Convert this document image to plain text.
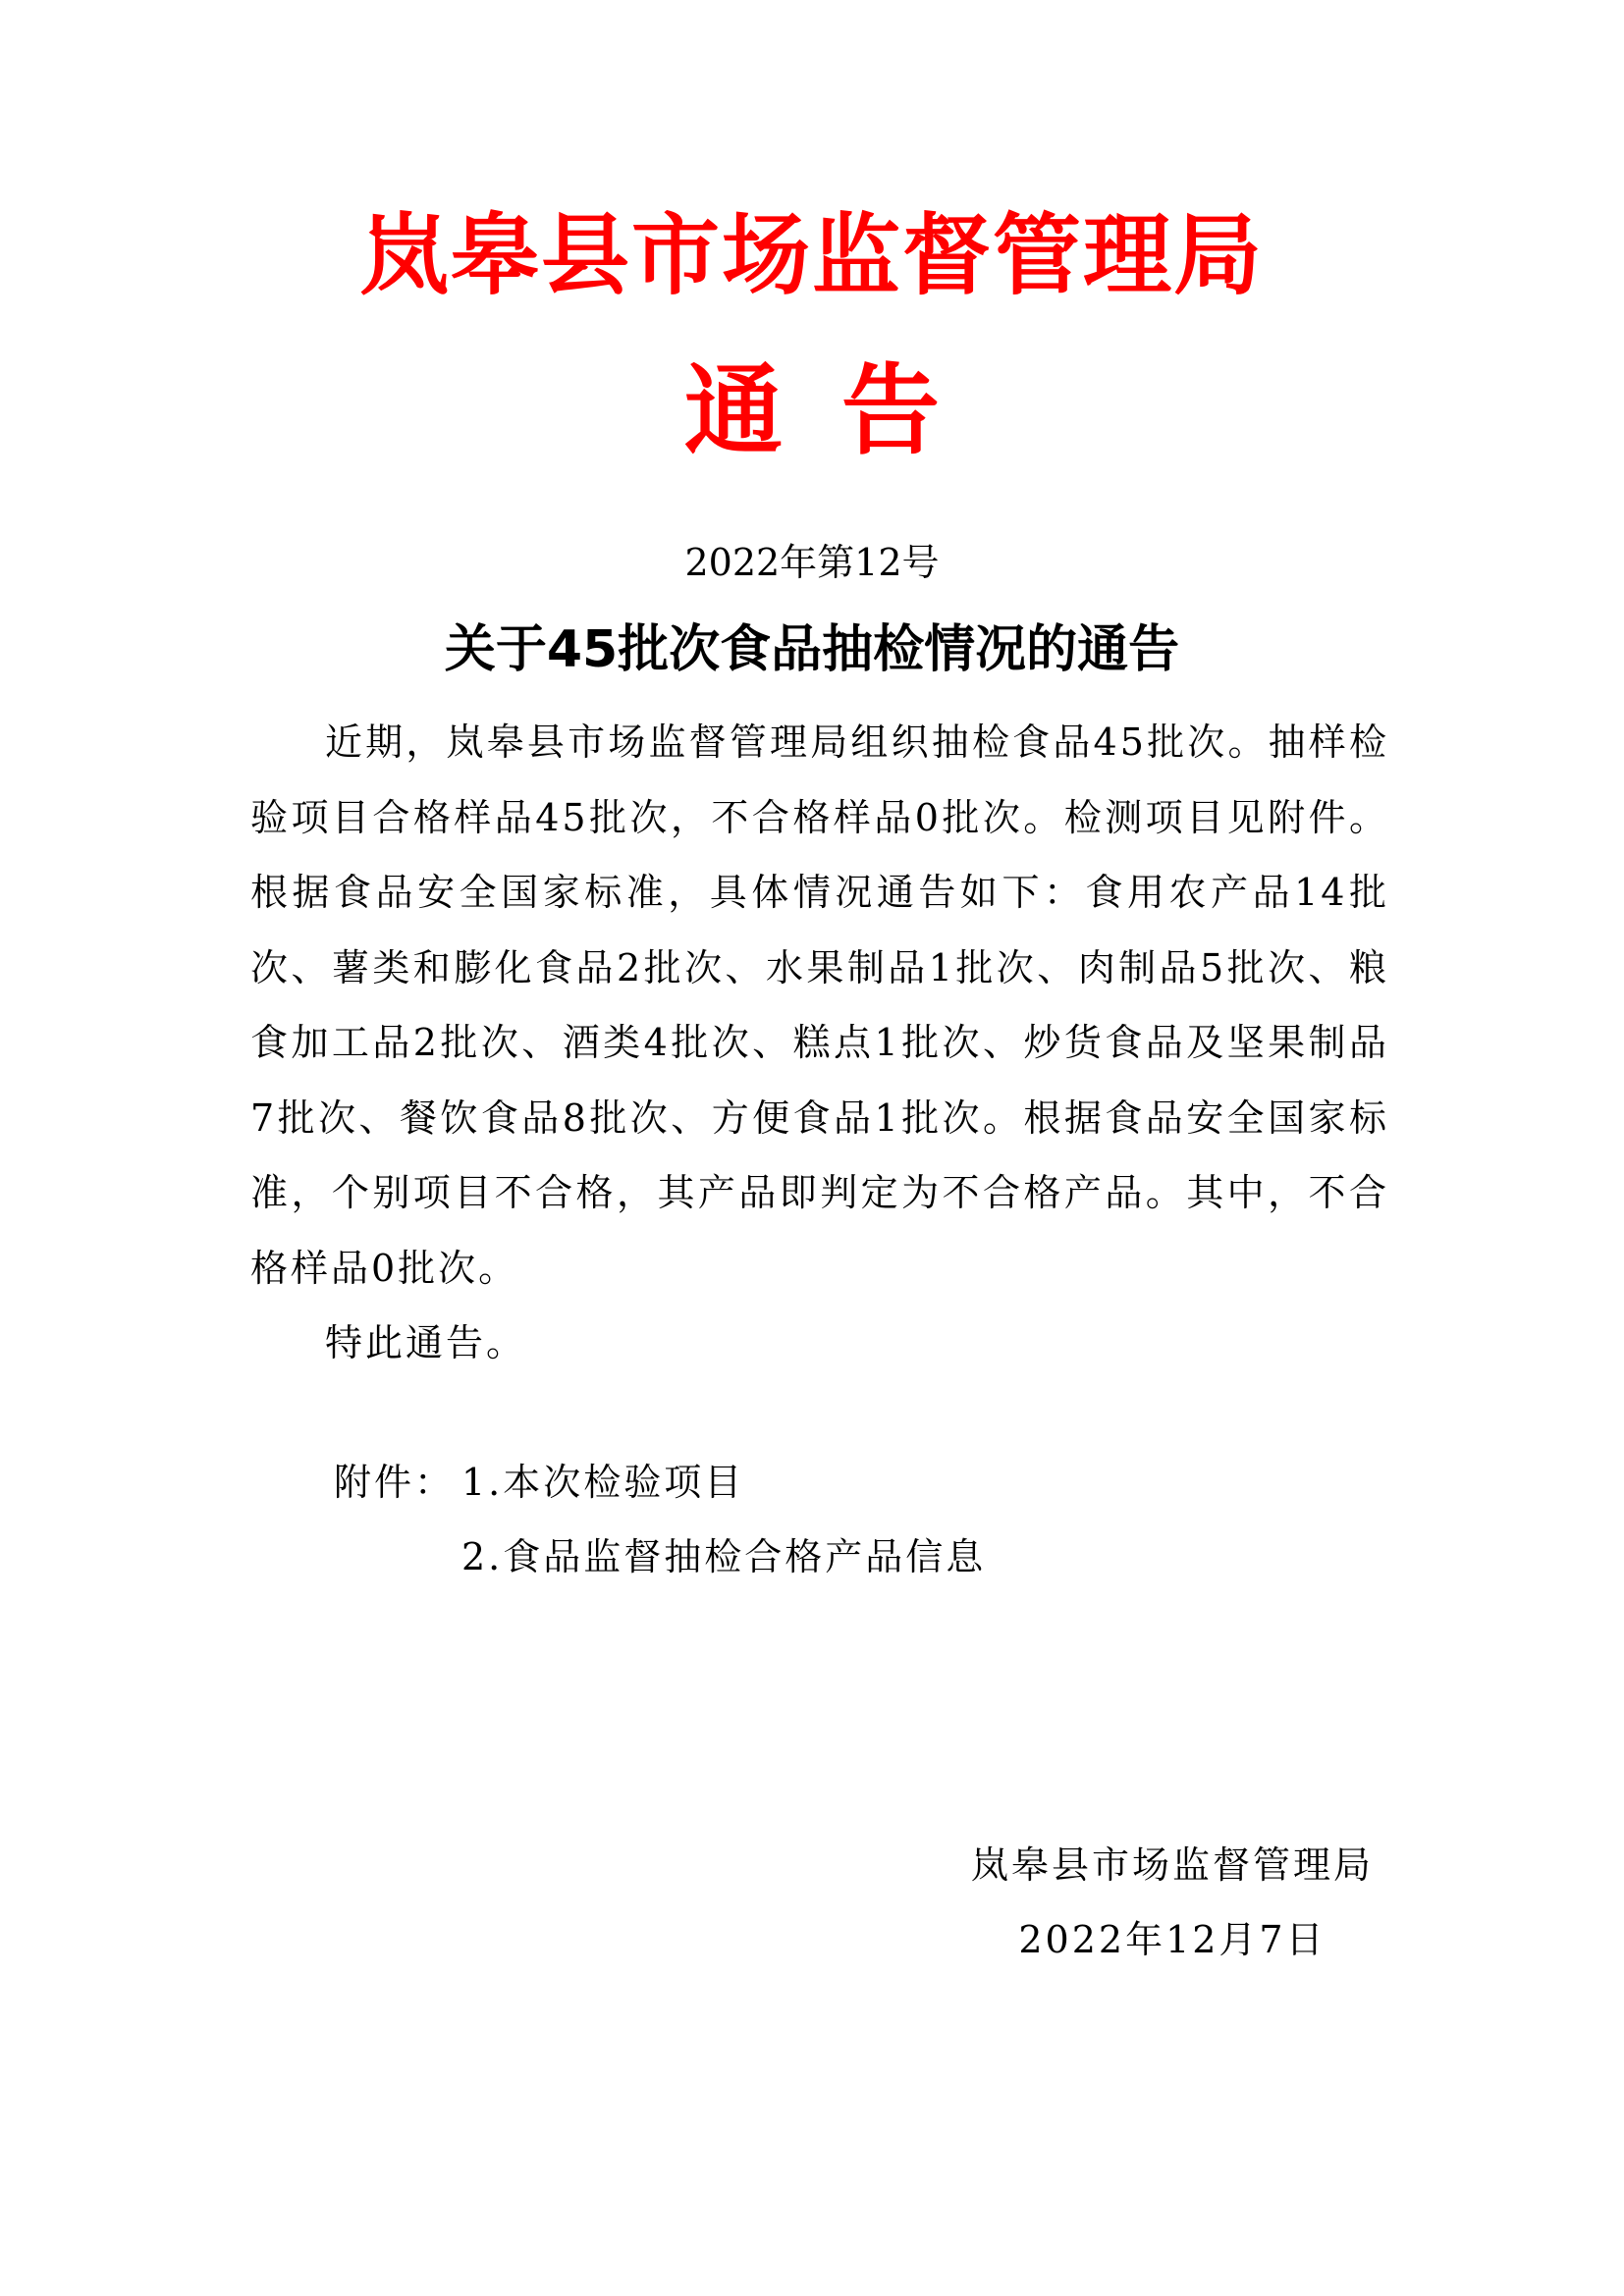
岚皋县市场监督管理局
通告
2022年第12号
关于45批次食品抽检情况的通告

近期，岚皋县市场监督管理局组织抽检食品45批次。抽样检验项目合格样品45批次，不合格样品0批次。检测项目见附件。根据食品安全国家标准，具体情况通告如下：食用农产品14批次、薯类和膨化食品2批次、水果制品1批次、肉制品5批次、粮食加工品2批次、酒类4批次、糕点1批次、炒货食品及坚果制品7批次、餐饮食品8批次、方便食品1批次。根据食品安全国家标准，个别项目不合格，其产品即判定为不合格产品。其中，不合格样品0批次。

特此通告。

附件： 1.本次检验项目
2.食品监督抽检合格产品信息
岚皋县市场监督管理局
2022年12月7日
